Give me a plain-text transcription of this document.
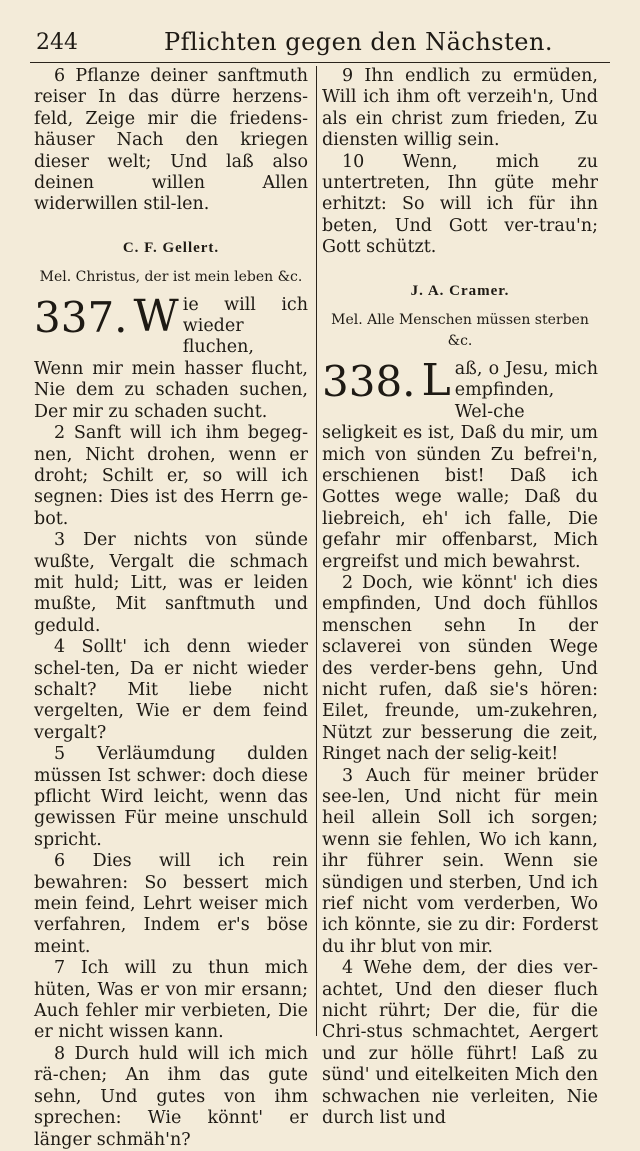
244	Pflichten gegen den Nächsten.

6 Pflanze deiner sanftmuth reiser In das dürre herzens-feld, Zeige mir die friedens-häuser Nach den kriegen dieser welt; Und laß also deinen willen Allen widerwillen stil-len.

C. F. Gellert.
Mel. Christus, der ist mein leben &c.

337. W ie will ich wieder fluchen, Wenn mir mein hasser flucht, Nie dem zu schaden suchen, Der mir zu schaden sucht.

2 Sanft will ich ihm begeg-nen, Nicht drohen, wenn er droht; Schilt er, so will ich segnen: Dies ist des Herrn ge-bot.

3 Der nichts von sünde wußte, Vergalt die schmach mit huld; Litt, was er leiden mußte, Mit sanftmuth und geduld.

4 Sollt' ich denn wieder schel-ten, Da er nicht wieder schalt? Mit liebe nicht vergelten, Wie er dem feind vergalt?

5 Verläumdung dulden müssen Ist schwer: doch diese pflicht Wird leicht, wenn das gewissen Für meine unschuld spricht.

6 Dies will ich rein bewahren: So bessert mich mein feind, Lehrt weiser mich verfahren, Indem er's böse meint.

7 Ich will zu thun mich hüten, Was er von mir ersann; Auch fehler mir verbieten, Die er nicht wissen kann.

8 Durch huld will ich mich rä-chen; An ihm das gute sehn, Und gutes von ihm sprechen: Wie könnt' er länger schmäh'n?

9 Ihn endlich zu ermüden, Will ich ihm oft verzeih'n, Und als ein christ zum frieden, Zu diensten willig sein.

10 Wenn, mich zu untertreten, Ihn güte mehr erhitzt: So will ich für ihn beten, Und Gott ver-trau'n; Gott schützt.

J. A. Cramer.
Mel. Alle Menschen müssen sterben &c.

338. L aß, o Jesu, mich empfinden, Wel-che seligkeit es ist, Daß du mir, um mich von sünden Zu befrei'n, erschienen bist! Daß ich Gottes wege walle; Daß du liebreich, eh' ich falle, Die gefahr mir offenbarst, Mich ergreifst und mich bewahrst.

2 Doch, wie könnt' ich dies empfinden, Und doch fühllos menschen sehn In der sclaverei von sünden Wege des verder-bens gehn, Und nicht rufen, daß sie's hören: Eilet, freunde, um-zukehren, Nützt zur besserung die zeit, Ringet nach der selig-keit!

3 Auch für meiner brüder see-len, Und nicht für mein heil allein Soll ich sorgen; wenn sie fehlen, Wo ich kann, ihr führer sein. Wenn sie sündigen und sterben, Und ich rief nicht vom verderben, Wo ich könnte, sie zu dir: Forderst du ihr blut von mir.

4 Wehe dem, der dies ver-achtet, Und den dieser fluch nicht rührt; Der die, für die Chri-stus schmachtet, Aergert und zur hölle führt! Laß zu sünd' und eitelkeiten Mich den schwachen nie verleiten, Nie durch list und
